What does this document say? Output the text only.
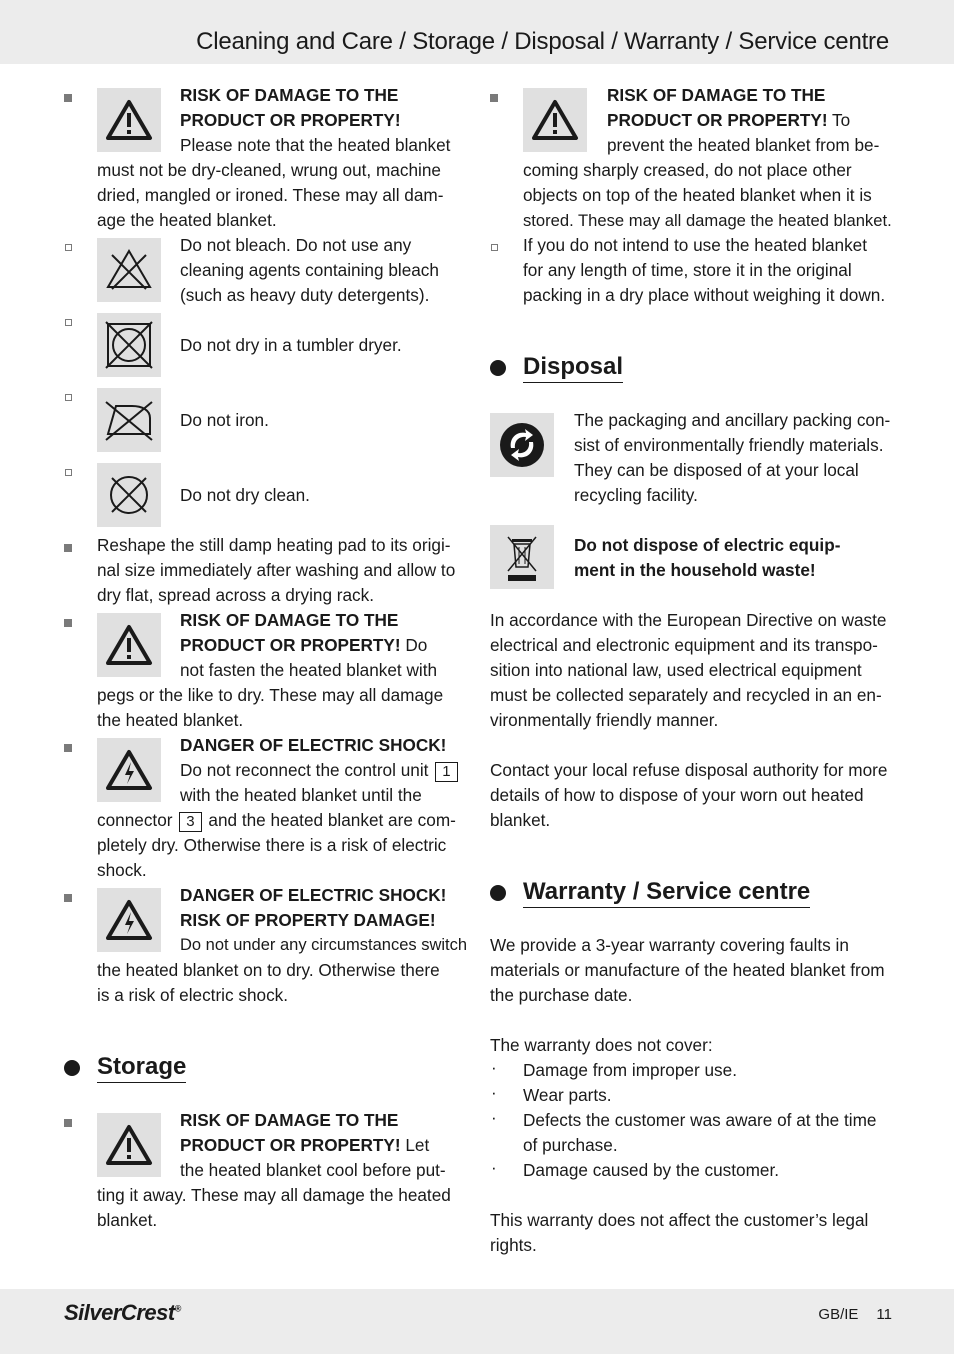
Cleaning and Care / Storage / Disposal / Warranty / Service centre

RISK OF DAMAGE TO THE

PRODUCT OR PROPERTY!

Please note that the heated blanket

must not be dry-cleaned, wrung out, machine

dried, mangled or ironed. These may all dam-

age the heated blanket.

Do not bleach. Do not use any

cleaning agents containing bleach

(such as heavy duty detergents).

Do not dry in a tumbler dryer.

Do not iron.

Do not dry clean.

Reshape the still damp heating pad to its origi-

nal size immediately after washing and allow to

dry flat, spread across a drying rack.

RISK OF DAMAGE TO THE

PRODUCT OR PROPERTY! Do

not fasten the heated blanket with

pegs or the like to dry. These may all damage

the heated blanket.

DANGER OF ELECTRIC SHOCK!

Do not reconnect the control unit 1

with the heated blanket until the

connector 3 and the heated blanket are com-

pletely dry. Otherwise there is a risk of electric

shock.

DANGER OF ELECTRIC SHOCK!

RISK OF PROPERTY DAMAGE!

Do not under any circumstances switch

the heated blanket on to dry. Otherwise there

is a risk of electric shock.

Storage

RISK OF DAMAGE TO THE

PRODUCT OR PROPERTY! Let

the heated blanket cool before put-

ting it away. These may all damage the heated

blanket.

RISK OF DAMAGE TO THE

PRODUCT OR PROPERTY! To

prevent the heated blanket from be-

coming sharply creased, do not place other

objects on top of the heated blanket when it is

stored. These may all damage the heated blanket.

If you do not intend to use the heated blanket

for any length of time, store it in the original

packing in a dry place without weighing it down.

Disposal

The packaging and ancillary packing con-

sist of environmentally friendly materials.

They can be disposed of at your local

recycling facility.

Do not dispose of electric equip-

ment in the household waste!

In accordance with the European Directive on waste

electrical and electronic equipment and its transpo-

sition into national law, used electrical equipment

must be collected separately and recycled in an en-

vironmentally friendly manner.

Contact your local refuse disposal authority for more

details of how to dispose of your worn out heated

blanket.

Warranty / Service centre

We provide a 3-year warranty covering faults in

materials or manufacture of the heated blanket from

the purchase date.

The warranty does not cover:

· Damage from improper use.

· Wear parts.

· Defects the customer was aware of at the time

of purchase.

· Damage caused by the customer.

This warranty does not affect the customer’s legal

rights.

SilverCrest®	GB/IE 11
